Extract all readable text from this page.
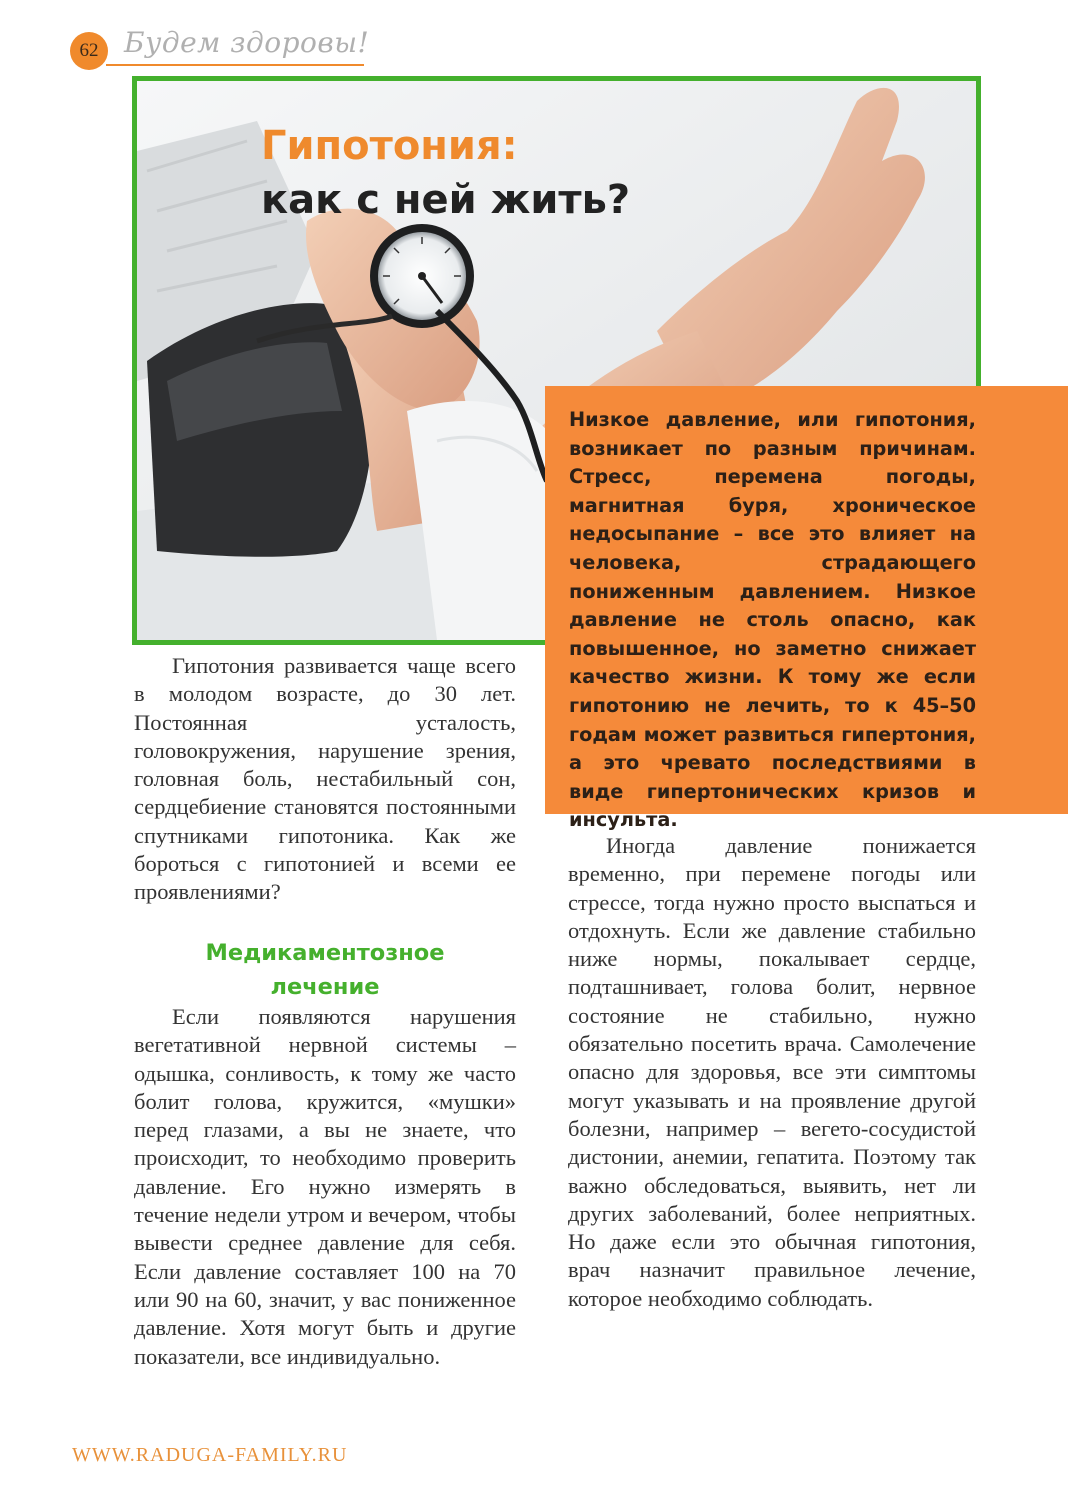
62 Будем здоровы!
Гипотония:
как с ней жить?

Низкое давление, или гипотония, возникает по разным причинам. Стресс, перемена погоды, магнитная буря, хроническое недосыпание – все это влияет на человека, страдающего пониженным давлением. Низкое давление не столь опасно, как повышенное, но заметно снижает качество жизни. К тому же если гипотонию не лечить, то к 45–50 годам может развиться гипертония, а это чревато последствиями в виде гипертонических кризов и инсульта.

Гипотония развивается чаще всего в молодом возрасте, до 30 лет. Постоянная усталость, головокружения, нарушение зрения, головная боль, нестабильный сон, сердцебиение становятся постоянными спутниками гипотоника. Как же бороться с гипотонией и всеми ее проявлениями?

Медикаментозное
лечение

Если появляются нарушения вегетативной нервной системы – одышка, сонливость, к тому же часто болит голова, кружится, «мушки» перед глазами, а вы не знаете, что происходит, то необходимо проверить давление. Его нужно измерять в течение недели утром и вечером, чтобы вывести среднее давление для себя. Если давление составляет 100 на 70 или 90 на 60, значит, у вас пониженное давление. Хотя могут быть и другие показатели, все индивидуально.

Иногда давление понижается временно, при перемене погоды или стрессе, тогда нужно просто выспаться и отдохнуть. Если же давление стабильно ниже нормы, покалывает сердце, подташнивает, голова болит, нервное состояние не стабильно, нужно обязательно посетить врача. Самолечение опасно для здоровья, все эти симптомы могут указывать и на проявление другой болезни, например – вегето-сосудистой дистонии, анемии, гепатита. Поэтому так важно обследоваться, выявить, нет ли других заболеваний, более неприятных. Но даже если это обычная гипотония, врач назначит правильное лечение, которое необходимо соблюдать.

WWW.RADUGA-FAMILY.RU
